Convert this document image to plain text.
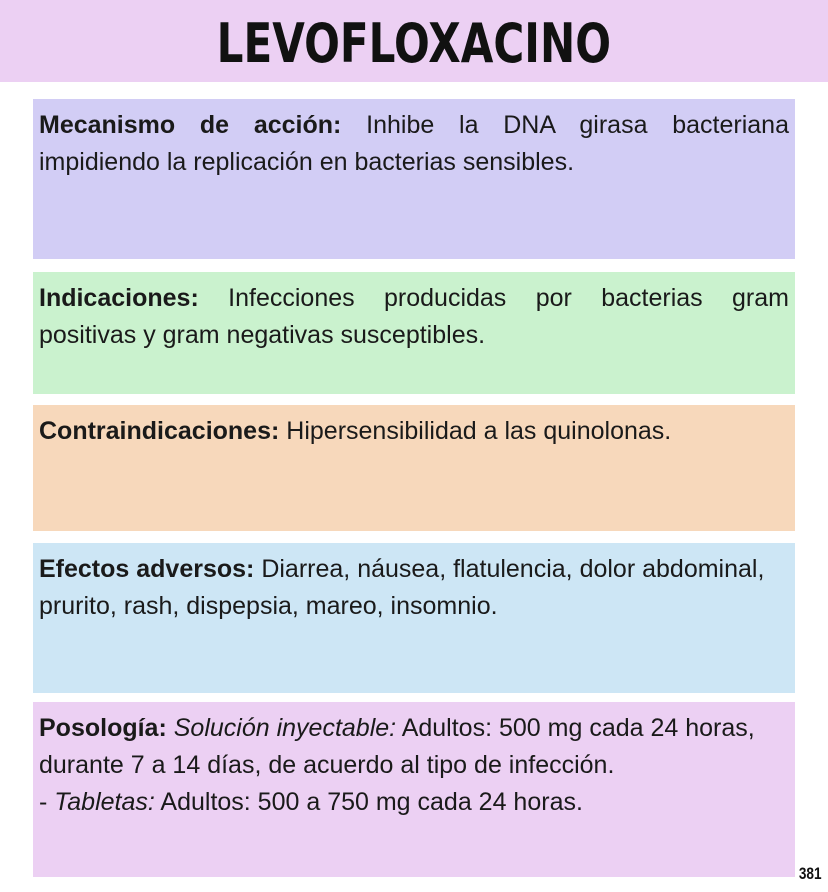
LEVOFLOXACINO
Mecanismo de acción: Inhibe la DNA girasa bacteriana
impidiendo la replicación en bacterias sensibles.
Indicaciones: Infecciones producidas por bacterias gram
positivas y gram negativas susceptibles.
Contraindicaciones: Hipersensibilidad a las quinolonas.
Efectos adversos: Diarrea, náusea, flatulencia, dolor abdominal,
prurito, rash, dispepsia, mareo, insomnio.
Posología: Solución inyectable: Adultos: 500 mg cada 24 horas,
durante 7 a 14 días, de acuerdo al tipo de infección.
- Tabletas: Adultos: 500 a 750 mg cada 24 horas.
381
